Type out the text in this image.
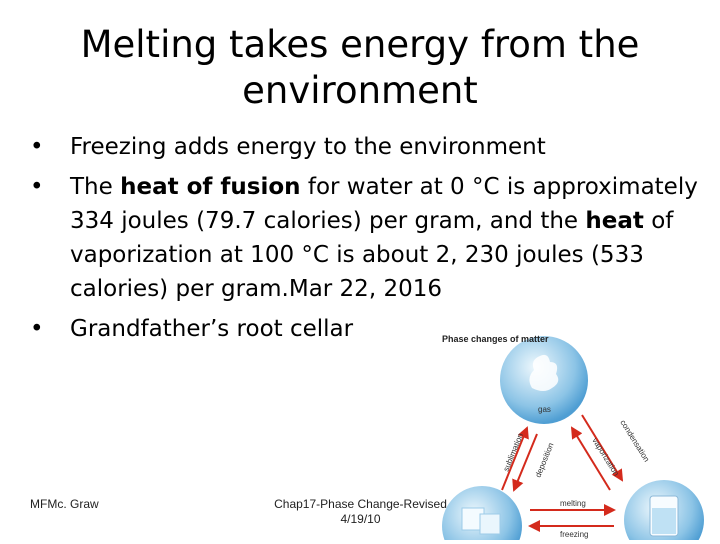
Melting takes energy from the
environment
• Freezing adds energy to the environment
• The heat of fusion for water at 0 °C is approximately 334 joules (79.7 calories) per gram, and the heat of vaporization at 100 °C is about 2, 230 joules (533 calories) per gram.Mar 22, 2016
• Grandfather’s root cellar	Phase changes of matter
gas
sublimation deposition	condensation
vaporization
melting
freezing
MFMc. Graw	Chap17-Phase Change-Revised
4/19/10
